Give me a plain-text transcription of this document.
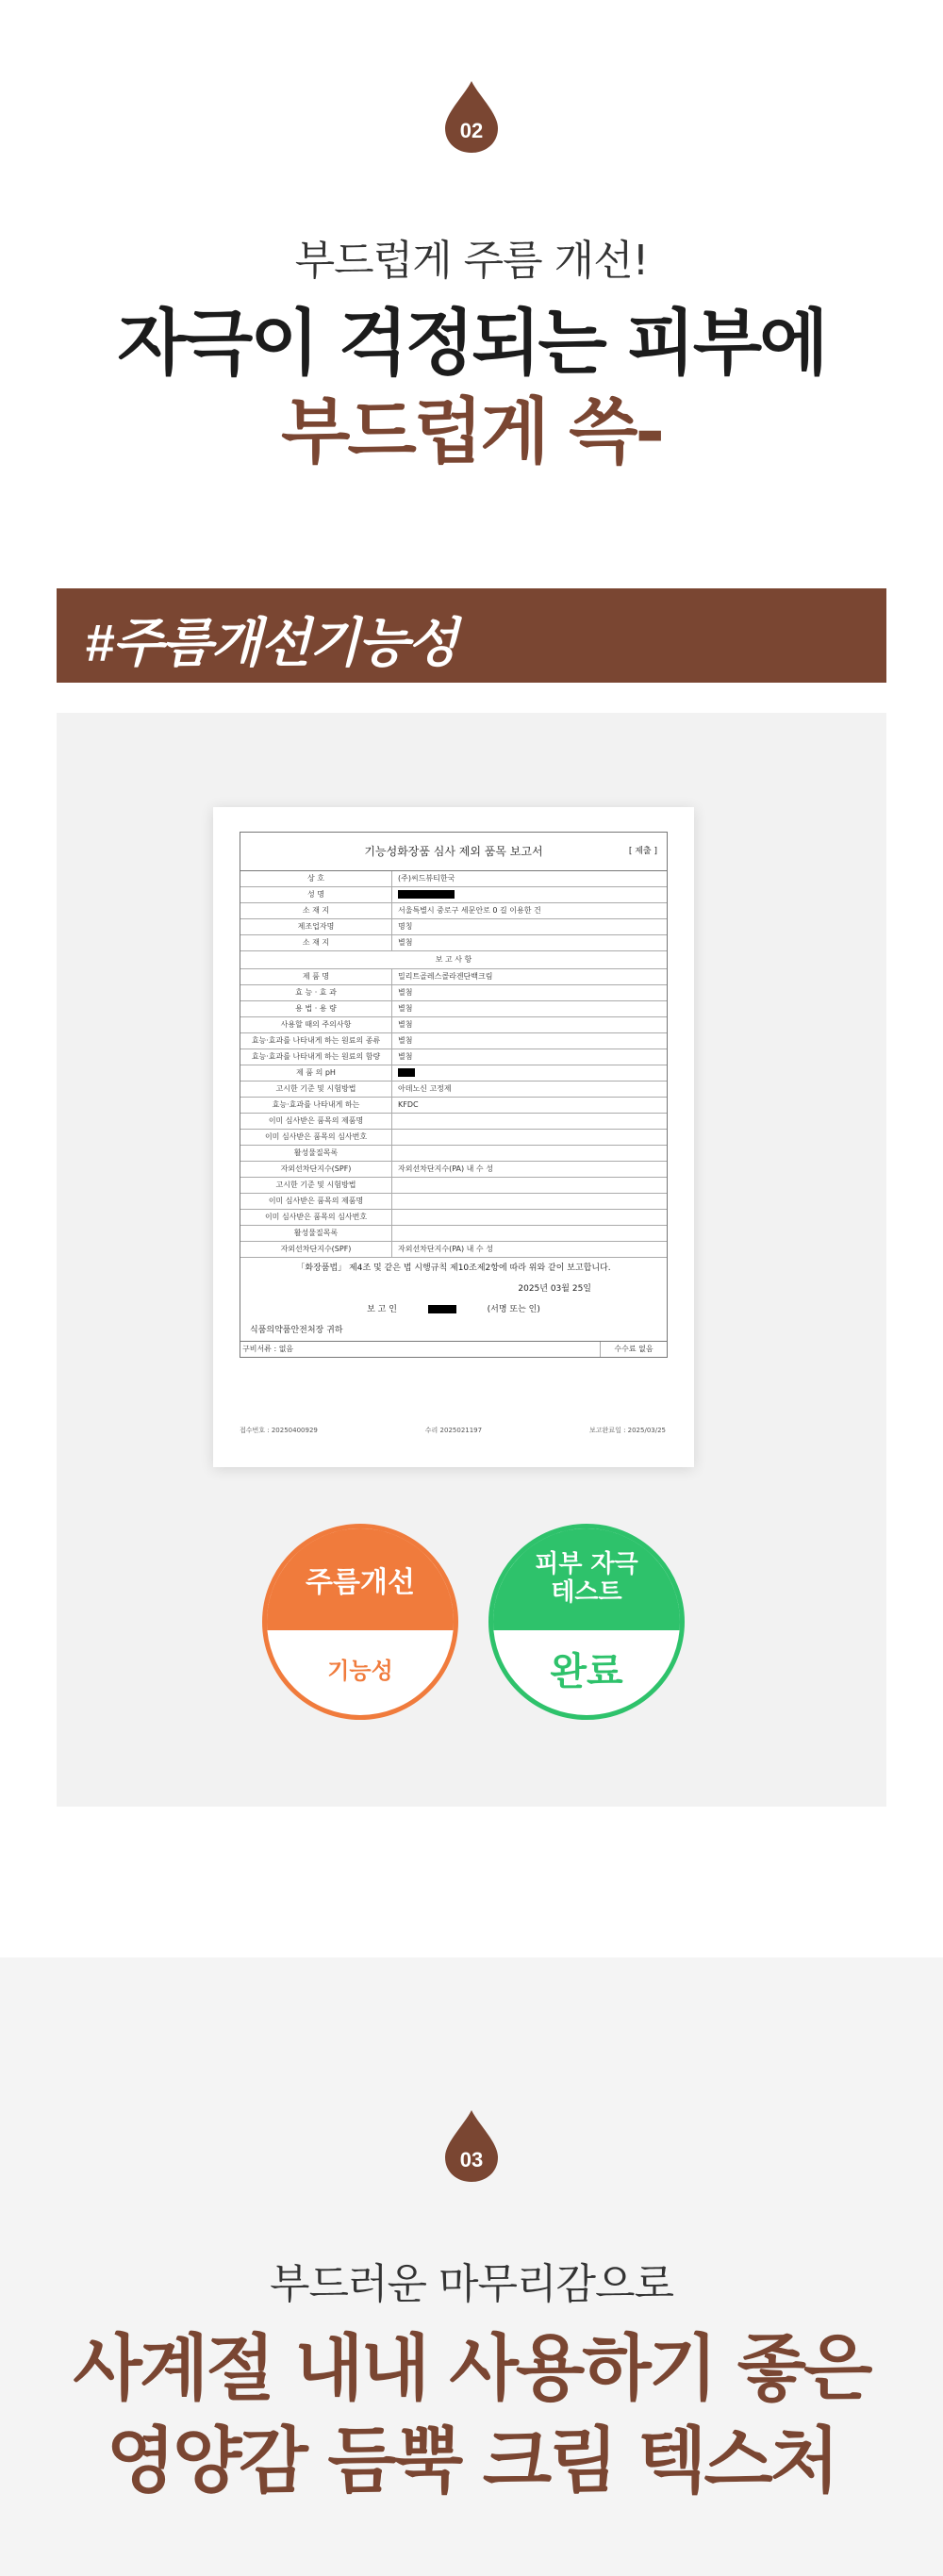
02
부드럽게 주름 개선!
자극이 걱정되는 피부에
부드럽게 쓱-
#주름개선기능성
기능성화장품 심사 제외 품목 보고서	[ 제출 ]
상 호	(주)씨드뷰티한국
성 명
소 재 지	서울특별시 중로구 세문안로 0 길 이용한 건
제조업자명	명칭
소 재 지	별첨
보 고 사 항
제 품 명	밀리트골레스콜라겐단백크림
효 능 · 효 과	별첨
용 법 · 용 량	별첨
사용할 때의 주의사항	별첨
효능·효과를 나타내게 하는 원료의 종류	별첨
효능·효과를 나타내게 하는 원료의 함량	별첨
제 품 의 pH
고시한 기준 및 시험방법	아데노신 고정제
효능·효과를 나타내게 하는	KFDC
이미 심사받은 품목의 제품명
이미 심사받은 품목의 심사번호
활성물질목록
자외선차단지수(SPF)	자외선차단지수(PA) 내 수 성
고시한 기준 및 시험방법
이미 심사받은 품목의 제품명
이미 심사받은 품목의 심사번호
활성물질목록
자외선차단지수(SPF)	자외선차단지수(PA) 내 수 성
「화장품법」 제4조 및 같은 법 시행규칙 제10조제2항에 따라 위와 같이 보고합니다.
2025년 03월 25일
보 고 인	(서명 또는 인)
식품의약품안전처장 귀하
구비서류 : 없음	수수료 없음
접수번호 : 20250400929	수리 2025021197	보고완료일 : 2025/03/25
주름개선
기능성
피부 자극
테스트
완료
03
부드러운 마무리감으로
사계절 내내 사용하기 좋은
영양감 듬뿍 크림 텍스처
